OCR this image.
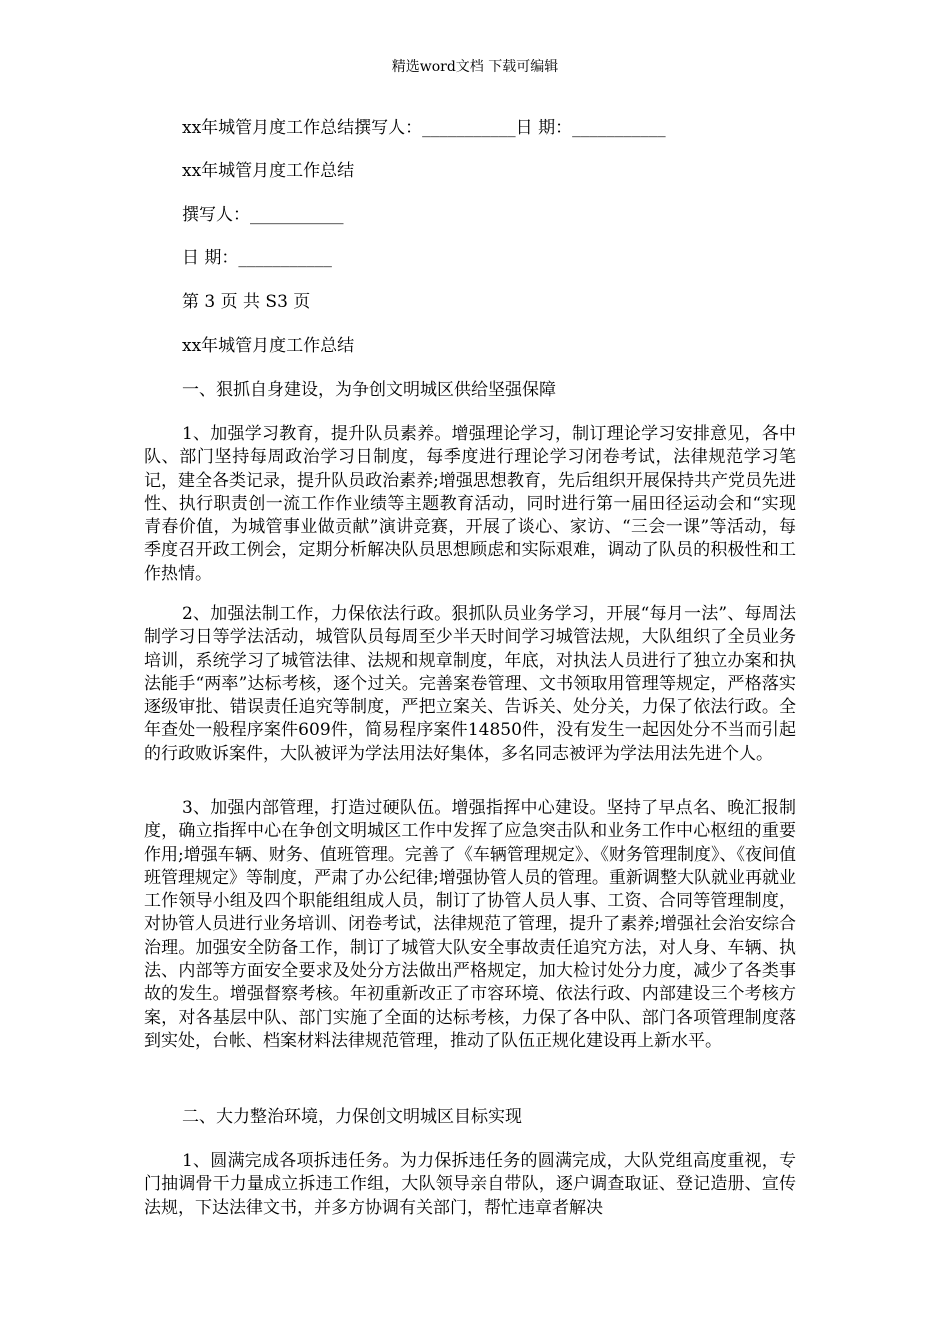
精选word文档 下载可编辑
xx年城管月度工作总结撰写人：___________日 期：___________
xx年城管月度工作总结
撰写人：___________
日 期：___________
第 3 页 共 S3 页
xx年城管月度工作总结
一、狠抓自身建设，为争创文明城区供给坚强保障

1、加强学习教育，提升队员素养。增强理论学习，制订理论学习安排意见，各中队、部门坚持每周政治学习日制度，每季度进行理论学习闭卷考试，法律规范学习笔记，建全各类记录，提升队员政治素养;增强思想教育，先后组织开展保持共产党员先进性、执行职责创一流工作作业绩等主题教育活动，同时进行第一届田径运动会和“实现青春价值，为城管事业做贡献”演讲竞赛，开展了谈心、家访、“三会一课”等活动，每季度召开政工例会，定期分析解决队员思想顾虑和实际艰难，调动了队员的积极性和工作热情。

2、加强法制工作，力保依法行政。狠抓队员业务学习，开展“每月一法”、每周法制学习日等学法活动，城管队员每周至少半天时间学习城管法规，大队组织了全员业务培训，系统学习了城管法律、法规和规章制度，年底，对执法人员进行了独立办案和执法能手“两率”达标考核，逐个过关。完善案卷管理、文书领取用管理等规定，严格落实逐级审批、错误责任追究等制度，严把立案关、告诉关、处分关，力保了依法行政。全年查处一般程序案件609件，简易程序案件14850件，没有发生一起因处分不当而引起的行政败诉案件，大队被评为学法用法好集体，多名同志被评为学法用法先进个人。

3、加强内部管理，打造过硬队伍。增强指挥中心建设。坚持了早点名、晚汇报制度，确立指挥中心在争创文明城区工作中发挥了应急突击队和业务工作中心枢纽的重要作用;增强车辆、财务、值班管理。完善了《车辆管理规定》、《财务管理制度》、《夜间值班管理规定》等制度，严肃了办公纪律;增强协管人员的管理。重新调整大队就业再就业工作领导小组及四个职能组组成人员，制订了协管人员人事、工资、合同等管理制度，对协管人员进行业务培训、闭卷考试，法律规范了管理，提升了素养;增强社会治安综合治理。加强安全防备工作，制订了城管大队安全事故责任追究方法，对人身、车辆、执法、内部等方面安全要求及处分方法做出严格规定，加大检讨处分力度，减少了各类事故的发生。增强督察考核。年初重新改正了市容环境、依法行政、内部建设三个考核方案，对各基层中队、部门实施了全面的达标考核，力保了各中队、部门各项管理制度落到实处，台帐、档案材料法律规范管理，推动了队伍正规化建设再上新水平。

二、大力整治环境，力保创文明城区目标实现

1、圆满完成各项拆违任务。为力保拆违任务的圆满完成，大队党组高度重视，专门抽调骨干力量成立拆违工作组，大队领导亲自带队，逐户调查取证、登记造册、宣传法规，下达法律文书，并多方协调有关部门，帮忙违章者解决
